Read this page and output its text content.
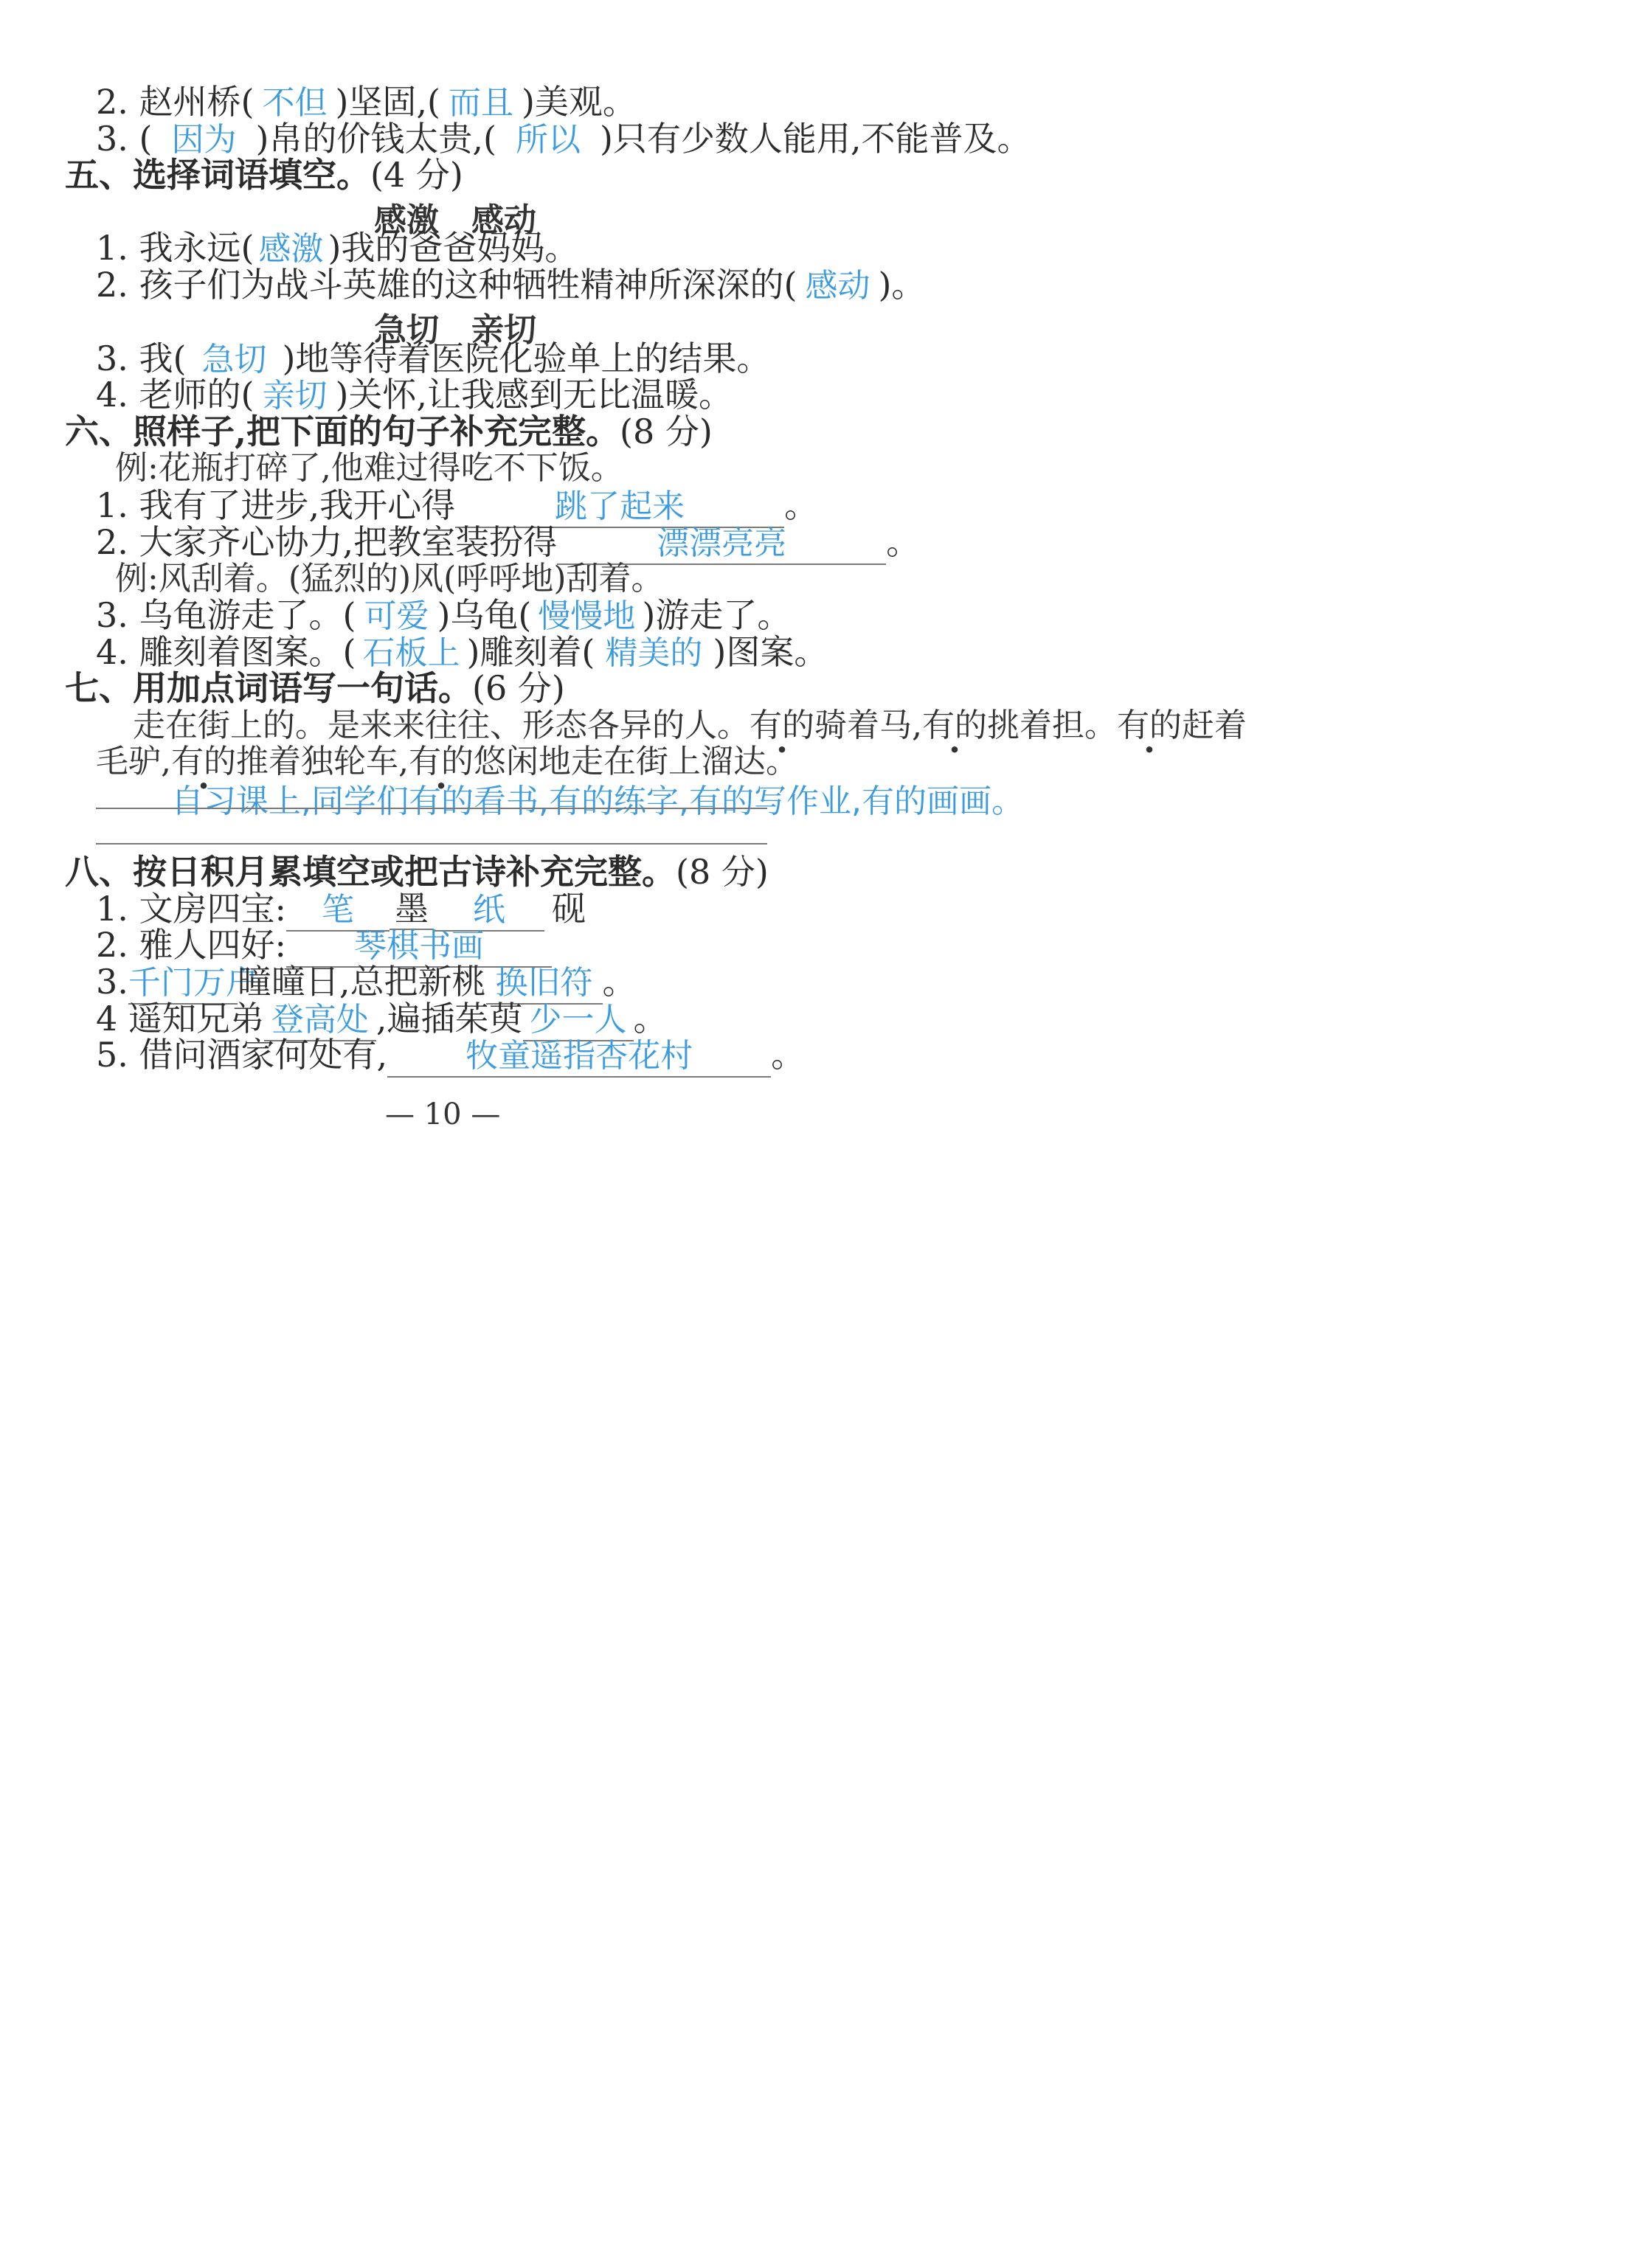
2. 赵州桥( 不但 )坚固,( 而且 )美观。
3. ( 因为 )帛的价钱太贵,( 所以 )只有少数人能用,不能普及。
五、选择词语填空。(4 分)
感激　感动
1. 我永远( 感激 )我的爸爸妈妈。
2. 孩子们为战斗英雄的这种牺牲精神所深深的( 感动 )。
急切　亲切
3. 我( 急切 )地等待着医院化验单上的结果。
4. 老师的( 亲切 )关怀,让我感到无比温暖。
六、照样子,把下面的句子补充完整。(8 分)
例:花瓶打碎了,他难过得吃不下饭。
1. 我有了进步,我开心得	跳了起来	。
2. 大家齐心协力,把教室装扮得	漂漂亮亮	。
例:风刮着。(猛烈的)风(呼呼地)刮着。
3. 乌龟游走了。( 可爱 )乌龟( 慢慢地 )游走了。
4. 雕刻着图案。( 石板上 )雕刻着( 精美的 )图案。
七、用加点词语写一句话。(6 分)
走在街上的。是来来往往、形态各异的人。有的骑着马,有的挑着担。有的赶着
毛驴,有的推着独轮车,有的悠闲地走在街上溜达。
自习课上,同学们有的看书,有的练字,有的写作业,有的画画。
八、按日积月累填空或把古诗补充完整。(8 分)
1. 文房四宝: 笔 墨 纸 砚
2. 雅人四好: 琴棋书画
3.千门万户曈曈日,总把新桃 换旧符 。
4 遥知兄弟 登高处 ,遍插茱萸 少一人 。
5. 借问酒家何处有, 牧童遥指杏花村 。
— 10 —
